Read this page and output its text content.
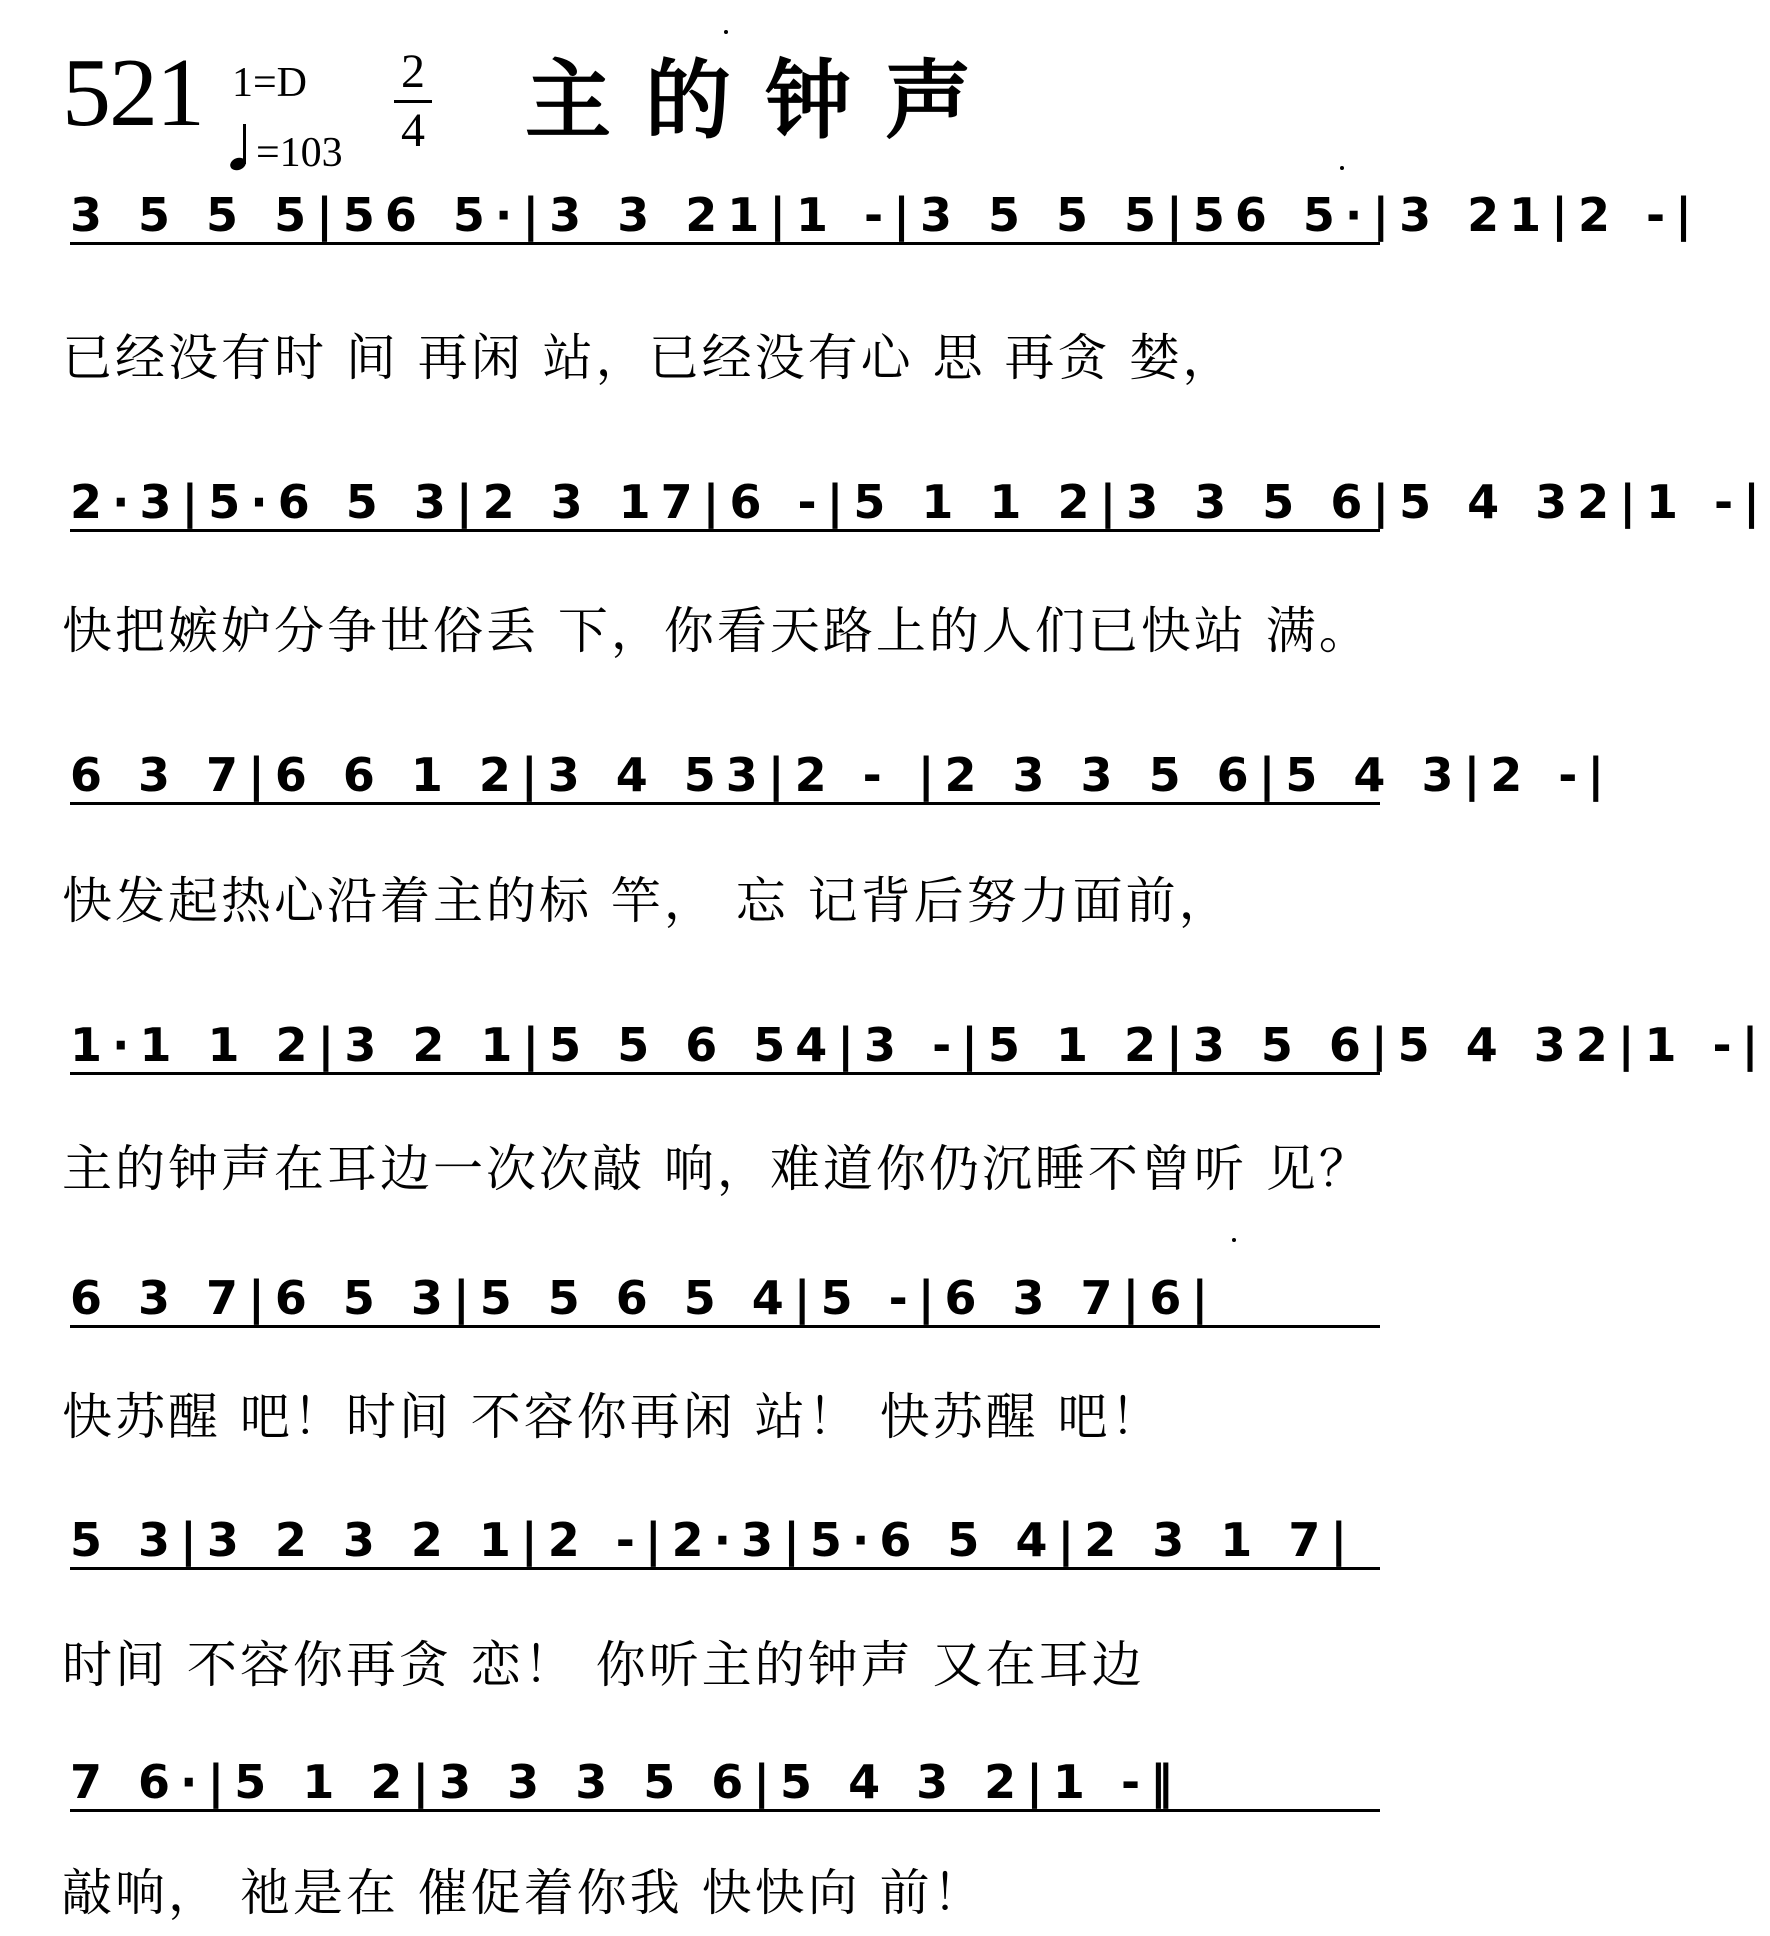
521 1=D
=103
2
4 主的钟声
3 5 5 5|56 5·|3 3 21|1 -|3 5 5 5|56 5·|3 21|2 -|
已经没有时 间 再闲 站，已经没有心 思 再贪 婪，
2·3|5·6 5 3|2 3 17|6 -|5 1 1 2|3 3 5 6|5 4 32|1 -|
快把嫉妒分争世俗丢 下，你看天路上的人们已快站 满。
6 3 7|6 6 1 2|3 4 53|2 - |2 3 3 5 6|5 4 3|2 -|
快发起热心沿着主的标 竿， 忘 记背后努力面前，
1·1 1 2|3 2 1|5 5 6 54|3 -|5 1 2|3 5 6|5 4 32|1 -|
主的钟声在耳边一次次敲 响，难道你仍沉睡不曾听 见？
6 3 7|6 5 3|5 5 6 5 4|5 -|6 3 7|6|
快苏醒 吧！时间 不容你再闲 站！ 快苏醒 吧！
5 3|3 2 3 2 1|2 -|2·3|5·6 5 4|2 3 1 7|
时间 不容你再贪 恋！ 你听主的钟声 又在耳边
7 6·|5 1 2|3 3 3 5 6|5 4 3 2|1 -‖
敲响， 祂是在 催促着你我 快快向 前！
